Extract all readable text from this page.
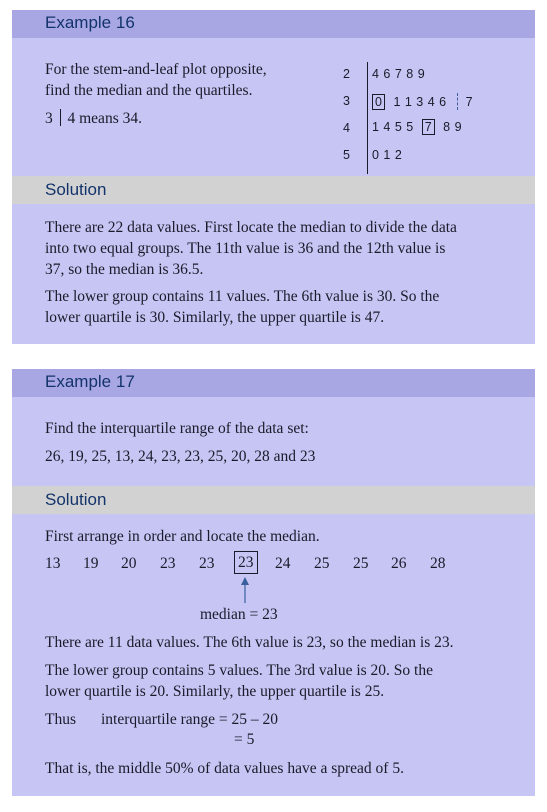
Example 16
For the stem-and-leaf plot opposite,
find the median and the quartiles.
3 4 means 34.
2 4 6 7 8 9
3 0 1 1 3 4 6 7
4 1 4 5 5 7 8 9
5 0 1 2
Solution
There are 22 data values. First locate the median to divide the data
into two equal groups. The 11th value is 36 and the 12th value is
37, so the median is 36.5.
The lower group contains 11 values. The 6th value is 30. So the
lower quartile is 30. Similarly, the upper quartile is 47.
Example 17
Find the interquartile range of the data set:
26, 19, 25, 13, 24, 23, 23, 25, 20, 28 and 23
Solution
First arrange in order and locate the median.
13 19 20 23 23 23 24 25 25 26 28
median = 23
There are 11 data values. The 6th value is 23, so the median is 23.
The lower group contains 5 values. The 3rd value is 20. So the
lower quartile is 20. Similarly, the upper quartile is 25.
Thus interquartile range = 25 – 20
= 5
That is, the middle 50% of data values have a spread of 5.
